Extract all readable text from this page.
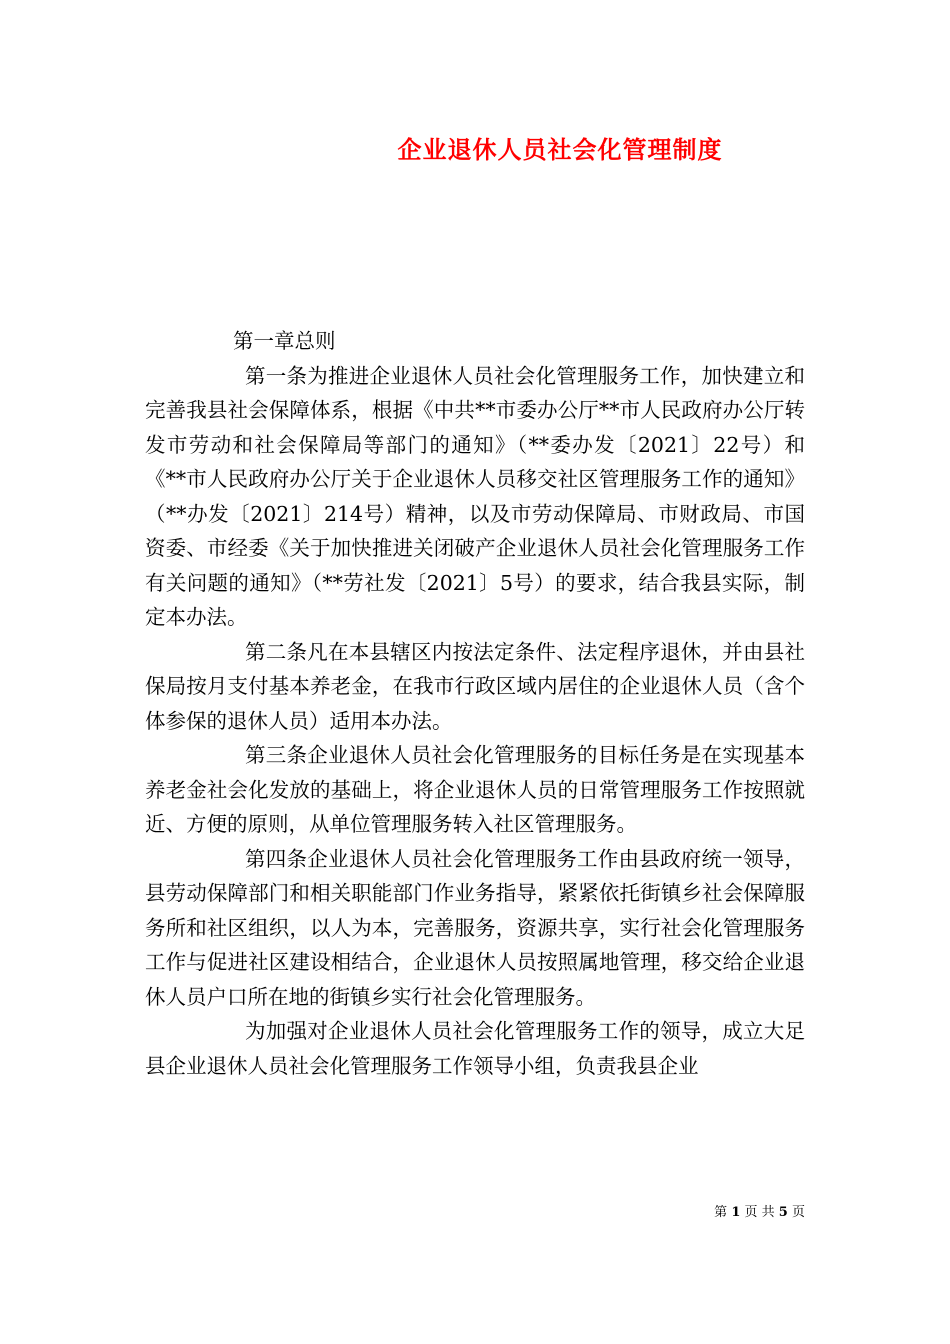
企业退休人员社会化管理制度

第一章总则

第一条为推进企业退休人员社会化管理服务工作，加快建立和完善我县社会保障体系，根据《中共**市委办公厅**市人民政府办公厅转发市劳动和社会保障局等部门的通知》（**委办发〔2021〕22号）和《**市人民政府办公厅关于企业退休人员移交社区管理服务工作的通知》（**办发〔2021〕214号）精神，以及市劳动保障局、市财政局、市国资委、市经委《关于加快推进关闭破产企业退休人员社会化管理服务工作有关问题的通知》（**劳社发〔2021〕5号）的要求，结合我县实际，制定本办法。

第二条凡在本县辖区内按法定条件、法定程序退休，并由县社保局按月支付基本养老金，在我市行政区域内居住的企业退休人员（含个体参保的退休人员）适用本办法。

第三条企业退休人员社会化管理服务的目标任务是在实现基本养老金社会化发放的基础上，将企业退休人员的日常管理服务工作按照就近、方便的原则，从单位管理服务转入社区管理服务。

第四条企业退休人员社会化管理服务工作由县政府统一领导，县劳动保障部门和相关职能部门作业务指导，紧紧依托街镇乡社会保障服务所和社区组织，以人为本，完善服务，资源共享，实行社会化管理服务工作与促进社区建设相结合，企业退休人员按照属地管理，移交给企业退休人员户口所在地的街镇乡实行社会化管理服务。

为加强对企业退休人员社会化管理服务工作的领导，成立大足县企业退休人员社会化管理服务工作领导小组，负责我县企业

第 1 页 共 5 页
